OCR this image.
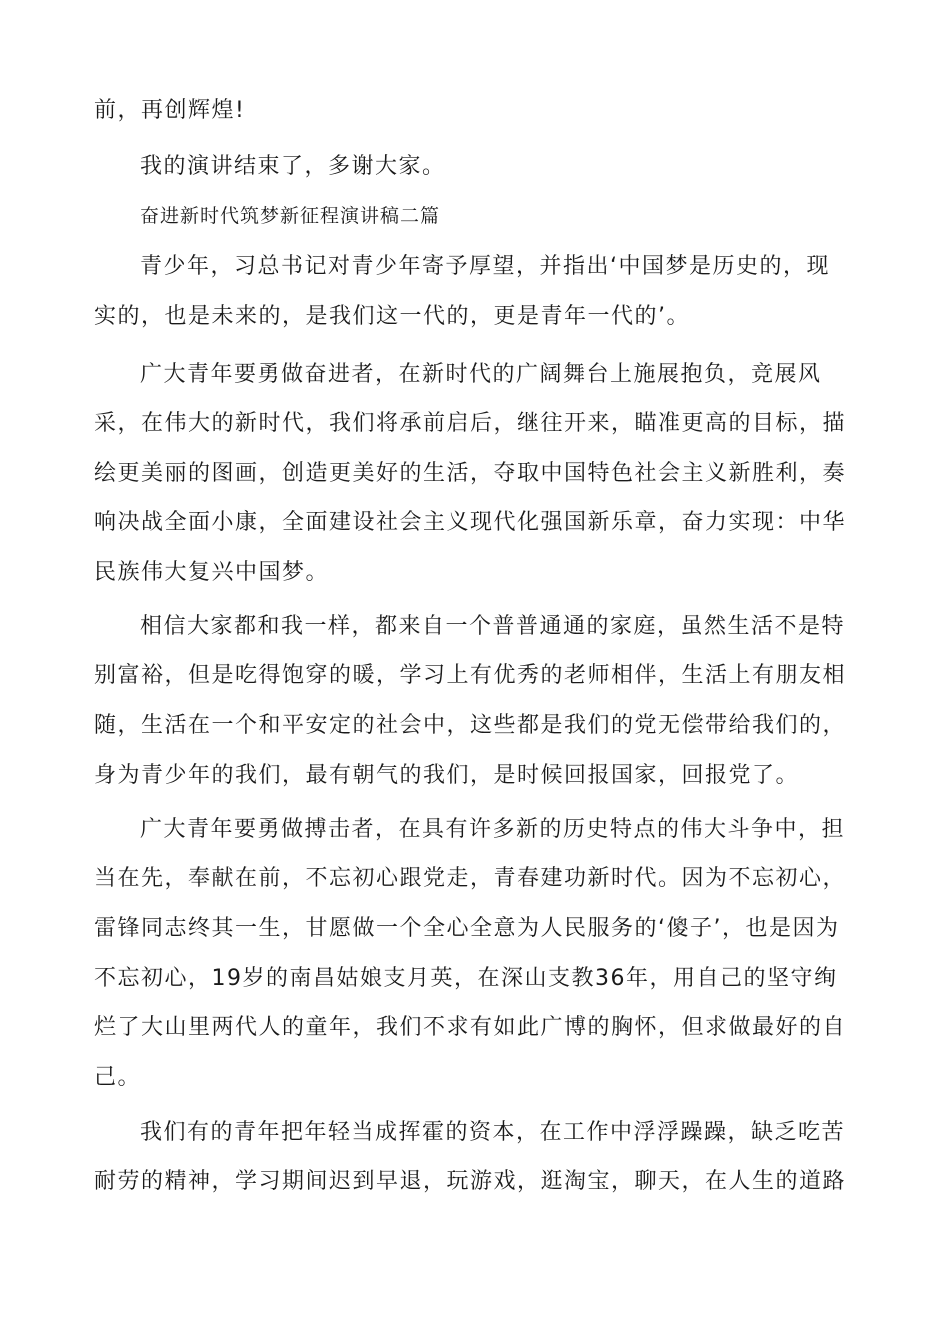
前，再创辉煌!

我的演讲结束了，多谢大家。

奋进新时代筑梦新征程演讲稿二篇

青少年，习总书记对青少年寄予厚望，并指出‘中国梦是历史的，现

实的，也是未来的，是我们这一代的，更是青年一代的’。

广大青年要勇做奋进者，在新时代的广阔舞台上施展抱负，竞展风

采，在伟大的新时代，我们将承前启后，继往开来，瞄准更高的目标，描

绘更美丽的图画，创造更美好的生活，夺取中国特色社会主义新胜利，奏

响决战全面小康，全面建设社会主义现代化强国新乐章，奋力实现：中华

民族伟大复兴中国梦。

相信大家都和我一样，都来自一个普普通通的家庭，虽然生活不是特

别富裕，但是吃得饱穿的暖，学习上有优秀的老师相伴，生活上有朋友相

随，生活在一个和平安定的社会中，这些都是我们的党无偿带给我们的，

身为青少年的我们，最有朝气的我们，是时候回报国家，回报党了。

广大青年要勇做搏击者，在具有许多新的历史特点的伟大斗争中，担

当在先，奉献在前，不忘初心跟党走，青春建功新时代。因为不忘初心，

雷锋同志终其一生，甘愿做一个全心全意为人民服务的‘傻子’，也是因为

不忘初心，19岁的南昌姑娘支月英，在深山支教36年，用自己的坚守绚

烂了大山里两代人的童年，我们不求有如此广博的胸怀，但求做最好的自

己。

我们有的青年把年轻当成挥霍的资本，在工作中浮浮躁躁，缺乏吃苦

耐劳的精神，学习期间迟到早退，玩游戏，逛淘宝，聊天，在人生的道路
